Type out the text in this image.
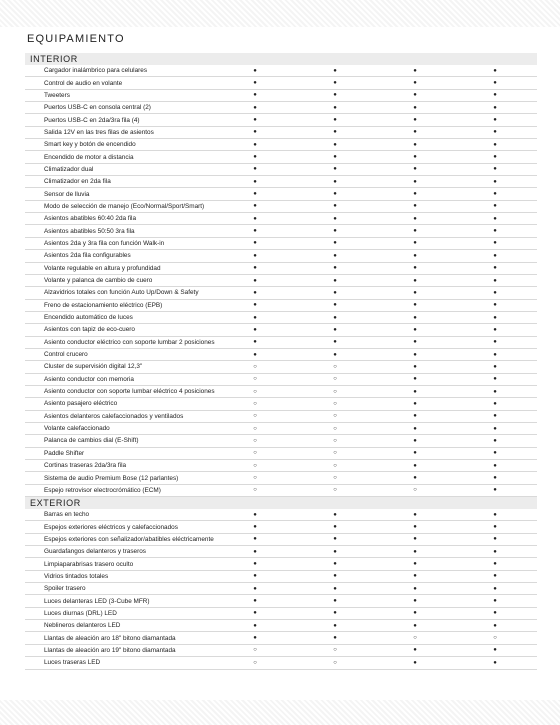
EQUIPAMIENTO
INTERIOR
Cargador inalámbrico para celulares	●	●	●	●
Control de audio en volante	●	●	●	●
Tweeters	●	●	●	●
Puertos USB-C en consola central (2)	●	●	●	●
Puertos USB-C en 2da/3ra fila (4)	●	●	●	●
Salida 12V en las tres filas de asientos	●	●	●	●
Smart key y botón de encendido	●	●	●	●
Encendido de motor a distancia	●	●	●	●
Climatizador dual	●	●	●	●
Climatizador en 2da fila	●	●	●	●
Sensor de lluvia	●	●	●	●
Modo de selección de manejo (Eco/Normal/Sport/Smart)	●	●	●	●
Asientos abatibles 60:40 2da fila	●	●	●	●
Asientos abatibles 50:50 3ra fila	●	●	●	●
Asientos 2da y 3ra fila con función Walk-in	●	●	●	●
Asientos 2da fila configurables	●	●	●	●
Volante regulable en altura y profundidad	●	●	●	●
Volante y palanca de cambio de cuero	●	●	●	●
Alzavidrios totales con función Auto Up/Down & Safety	●	●	●	●
Freno de estacionamiento eléctrico (EPB)	●	●	●	●
Encendido automático de luces	●	●	●	●
Asientos con tapiz de eco-cuero	●	●	●	●
Asiento conductor eléctrico con soporte lumbar 2 posiciones	●	●	●	●
Control crucero	●	●	●	●
Cluster de supervisión digital 12,3"	○	○	●	●
Asiento conductor con memoria	○	○	●	●
Asiento conductor con soporte lumbar eléctrico 4 posiciones	○	○	●	●
Asiento pasajero eléctrico	○	○	●	●
Asientos delanteros calefaccionados y ventilados	○	○	●	●
Volante calefaccionado	○	○	●	●
Palanca de cambios dial (E-Shift)	○	○	●	●
Paddle Shifter	○	○	●	●
Cortinas traseras 2da/3ra fila	○	○	●	●
Sistema de audio Premium Bose (12 parlantes)	○	○	●	●
Espejo retrovisor electrocrómático (ECM)	○	○	○	●
EXTERIOR
Barras en techo	●	●	●	●
Espejos exteriores eléctricos y calefaccionados	●	●	●	●
Espejos exteriores con señalizador/abatibles eléctricamente	●	●	●	●
Guardafangos delanteros y traseros	●	●	●	●
Limpiaparabrisas trasero oculto	●	●	●	●
Vidrios tintados totales	●	●	●	●
Spoiler trasero	●	●	●	●
Luces delanteras LED (3-Cube MFR)	●	●	●	●
Luces diurnas (DRL) LED	●	●	●	●
Neblineros delanteros LED	●	●	●	●
Llantas de aleación aro 18" bitono diamantada	●	●	○	○
Llantas de aleación aro 19" bitono diamantada	○	○	●	●
Luces traseras LED	○	○	●	●
